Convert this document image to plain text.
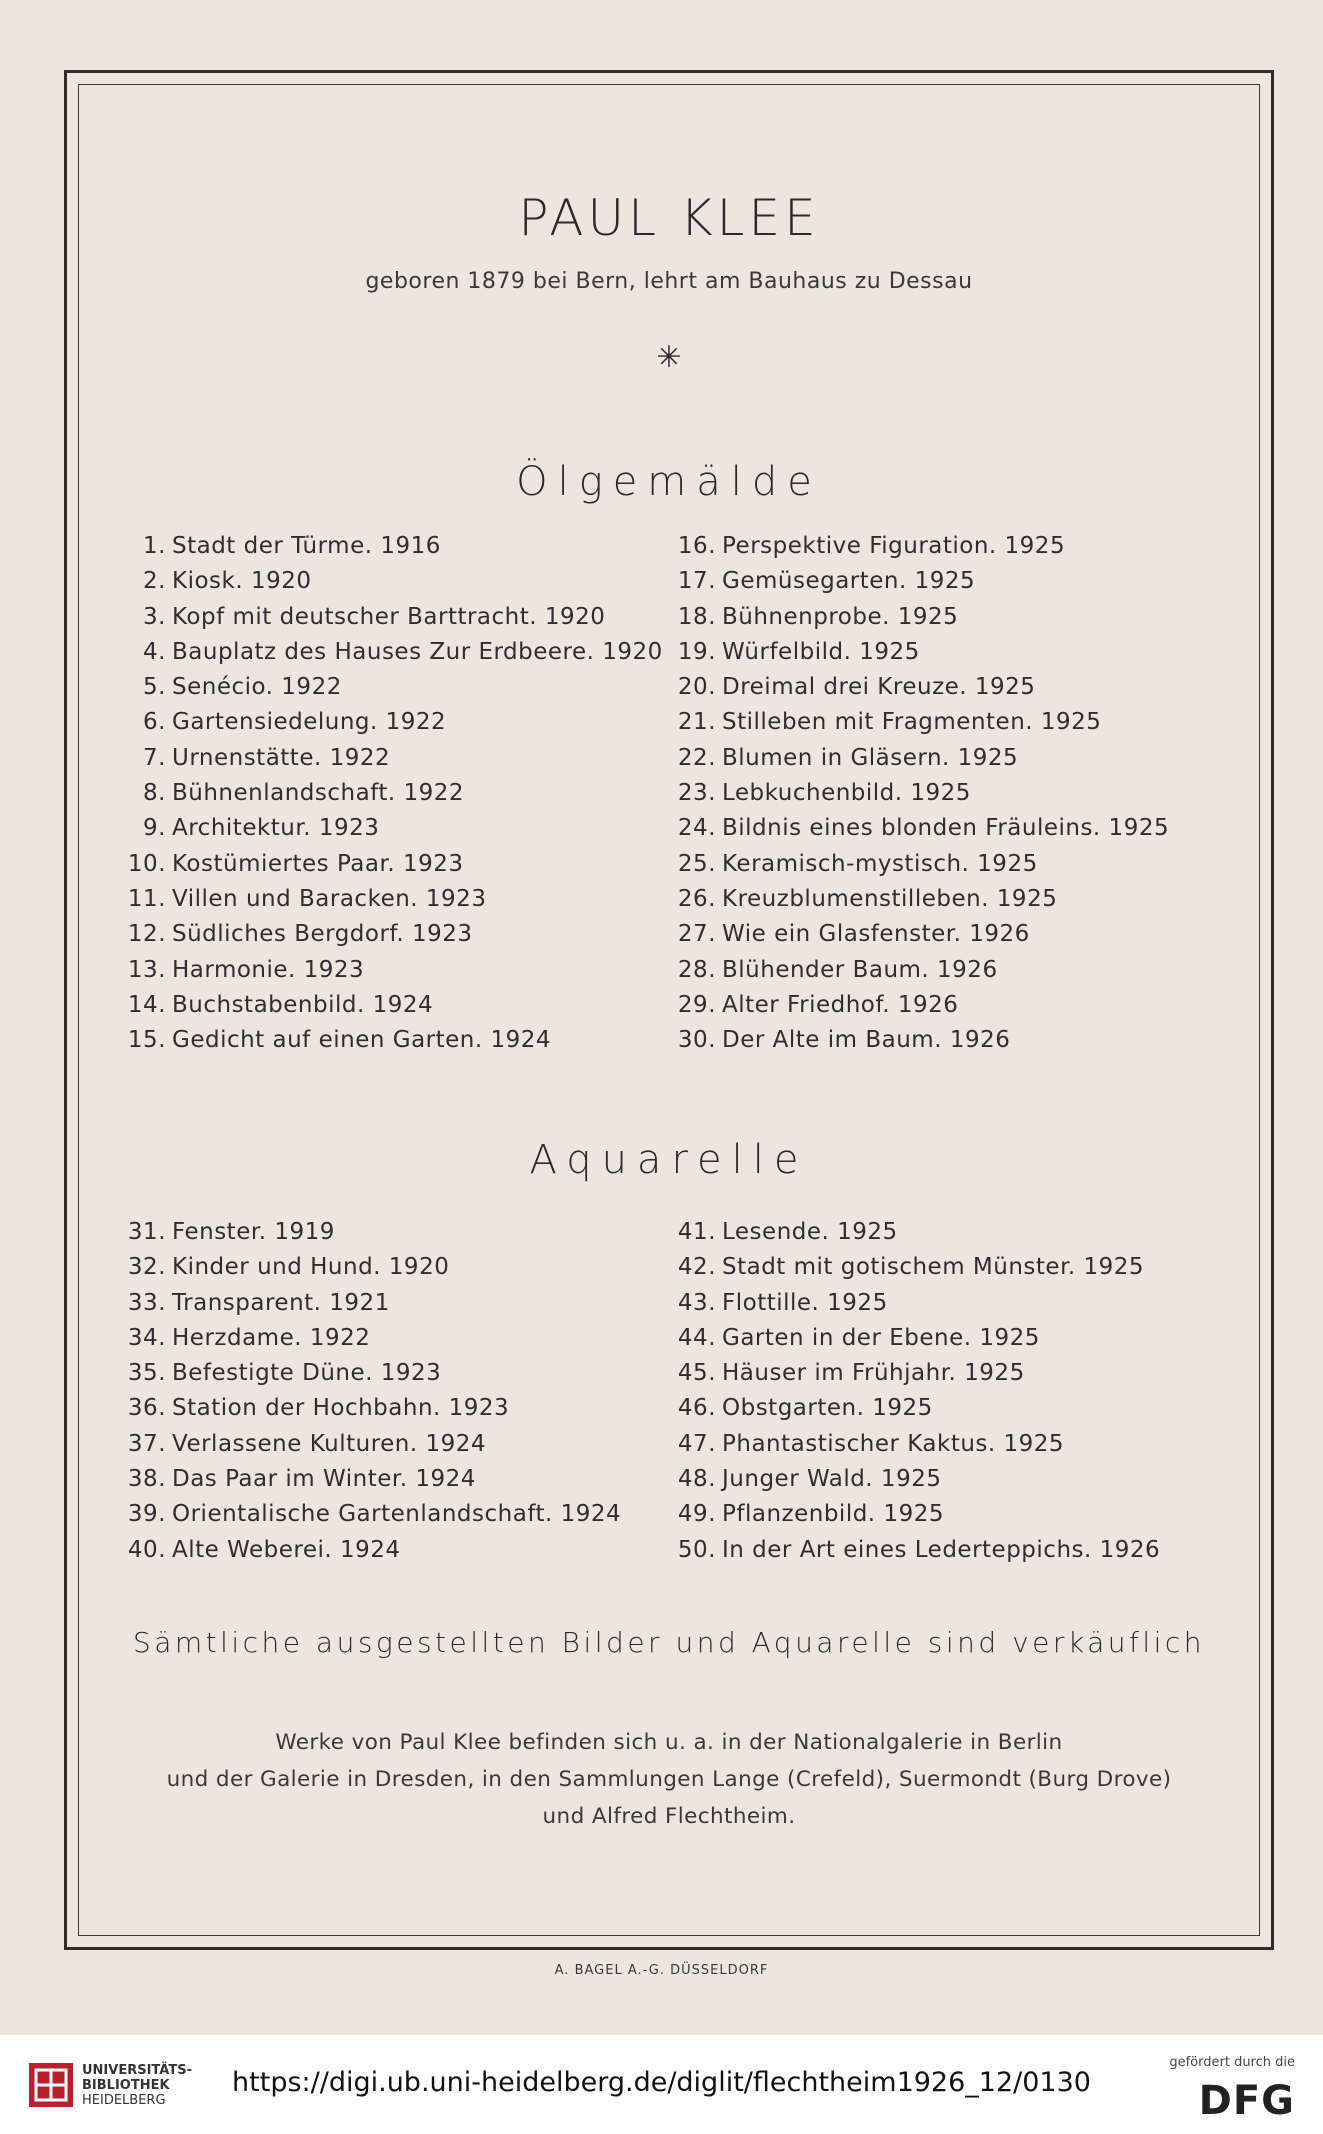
PAUL KLEE
geboren 1879 bei Bern, lehrt am Bauhaus zu Dessau
✳
Ölgemälde
1. Stadt der Türme. 1916
2. Kiosk. 1920
3. Kopf mit deutscher Barttracht. 1920
4. Bauplatz des Hauses Zur Erdbeere. 1920
5. Senécio. 1922
6. Gartensiedelung. 1922
7. Urnenstätte. 1922
8. Bühnenlandschaft. 1922
9. Architektur. 1923
10. Kostümiertes Paar. 1923
11. Villen und Baracken. 1923
12. Südliches Bergdorf. 1923
13. Harmonie. 1923
14. Buchstabenbild. 1924
15. Gedicht auf einen Garten. 1924
16. Perspektive Figuration. 1925
17. Gemüsegarten. 1925
18. Bühnenprobe. 1925
19. Würfelbild. 1925
20. Dreimal drei Kreuze. 1925
21. Stilleben mit Fragmenten. 1925
22. Blumen in Gläsern. 1925
23. Lebkuchenbild. 1925
24. Bildnis eines blonden Fräuleins. 1925
25. Keramisch-mystisch. 1925
26. Kreuzblumenstilleben. 1925
27. Wie ein Glasfenster. 1926
28. Blühender Baum. 1926
29. Alter Friedhof. 1926
30. Der Alte im Baum. 1926
Aquarelle
31. Fenster. 1919
32. Kinder und Hund. 1920
33. Transparent. 1921
34. Herzdame. 1922
35. Befestigte Düne. 1923
36. Station der Hochbahn. 1923
37. Verlassene Kulturen. 1924
38. Das Paar im Winter. 1924
39. Orientalische Gartenlandschaft. 1924
40. Alte Weberei. 1924
41. Lesende. 1925
42. Stadt mit gotischem Münster. 1925
43. Flottille. 1925
44. Garten in der Ebene. 1925
45. Häuser im Frühjahr. 1925
46. Obstgarten. 1925
47. Phantastischer Kaktus. 1925
48. Junger Wald. 1925
49. Pflanzenbild. 1925
50. In der Art eines Lederteppichs. 1926
Sämtliche ausgestellten Bilder und Aquarelle sind verkäuflich
Werke von Paul Klee befinden sich u. a. in der Nationalgalerie in Berlin
und der Galerie in Dresden, in den Sammlungen Lange (Crefeld), Suermondt (Burg Drove)
und Alfred Flechtheim.
A. BAGEL A.-G. DÜSSELDORF
UNIVERSITÄTS-
BIBLIOTHEK
HEIDELBERG
https://digi.ub.uni-heidelberg.de/diglit/flechtheim1926_12/0130
gefördert durch die
DFG
